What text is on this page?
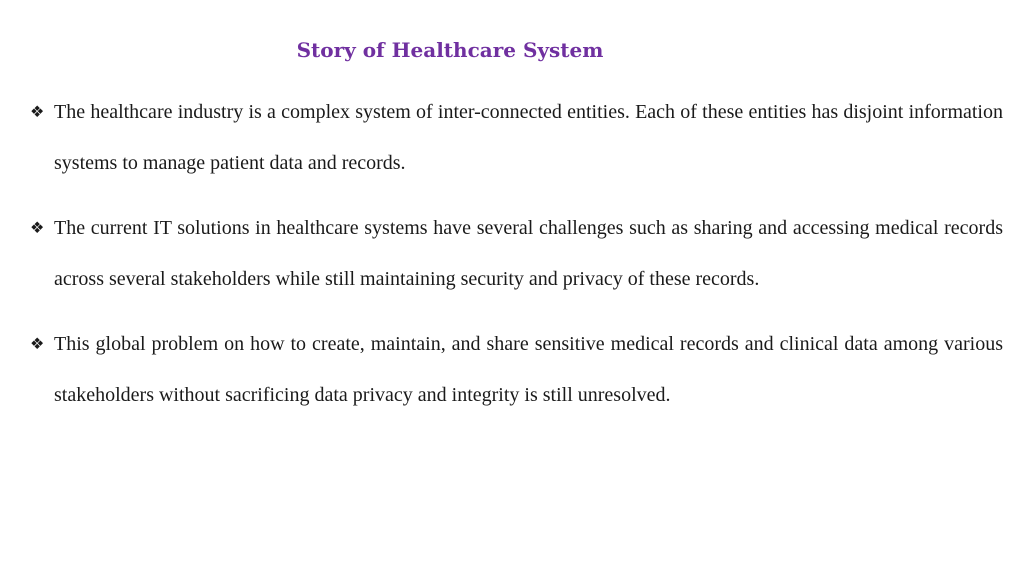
Story of Healthcare System
❖ The healthcare industry is a complex system of inter-connected entities. Each of these entities has disjoint information systems to manage patient data and records.
❖ The current IT solutions in healthcare systems have several challenges such as sharing and accessing medical records across several stakeholders while still maintaining security and privacy of these records.
❖ This global problem on how to create, maintain, and share sensitive medical records and clinical data among various stakeholders without sacrificing data privacy and integrity is still unresolved.
